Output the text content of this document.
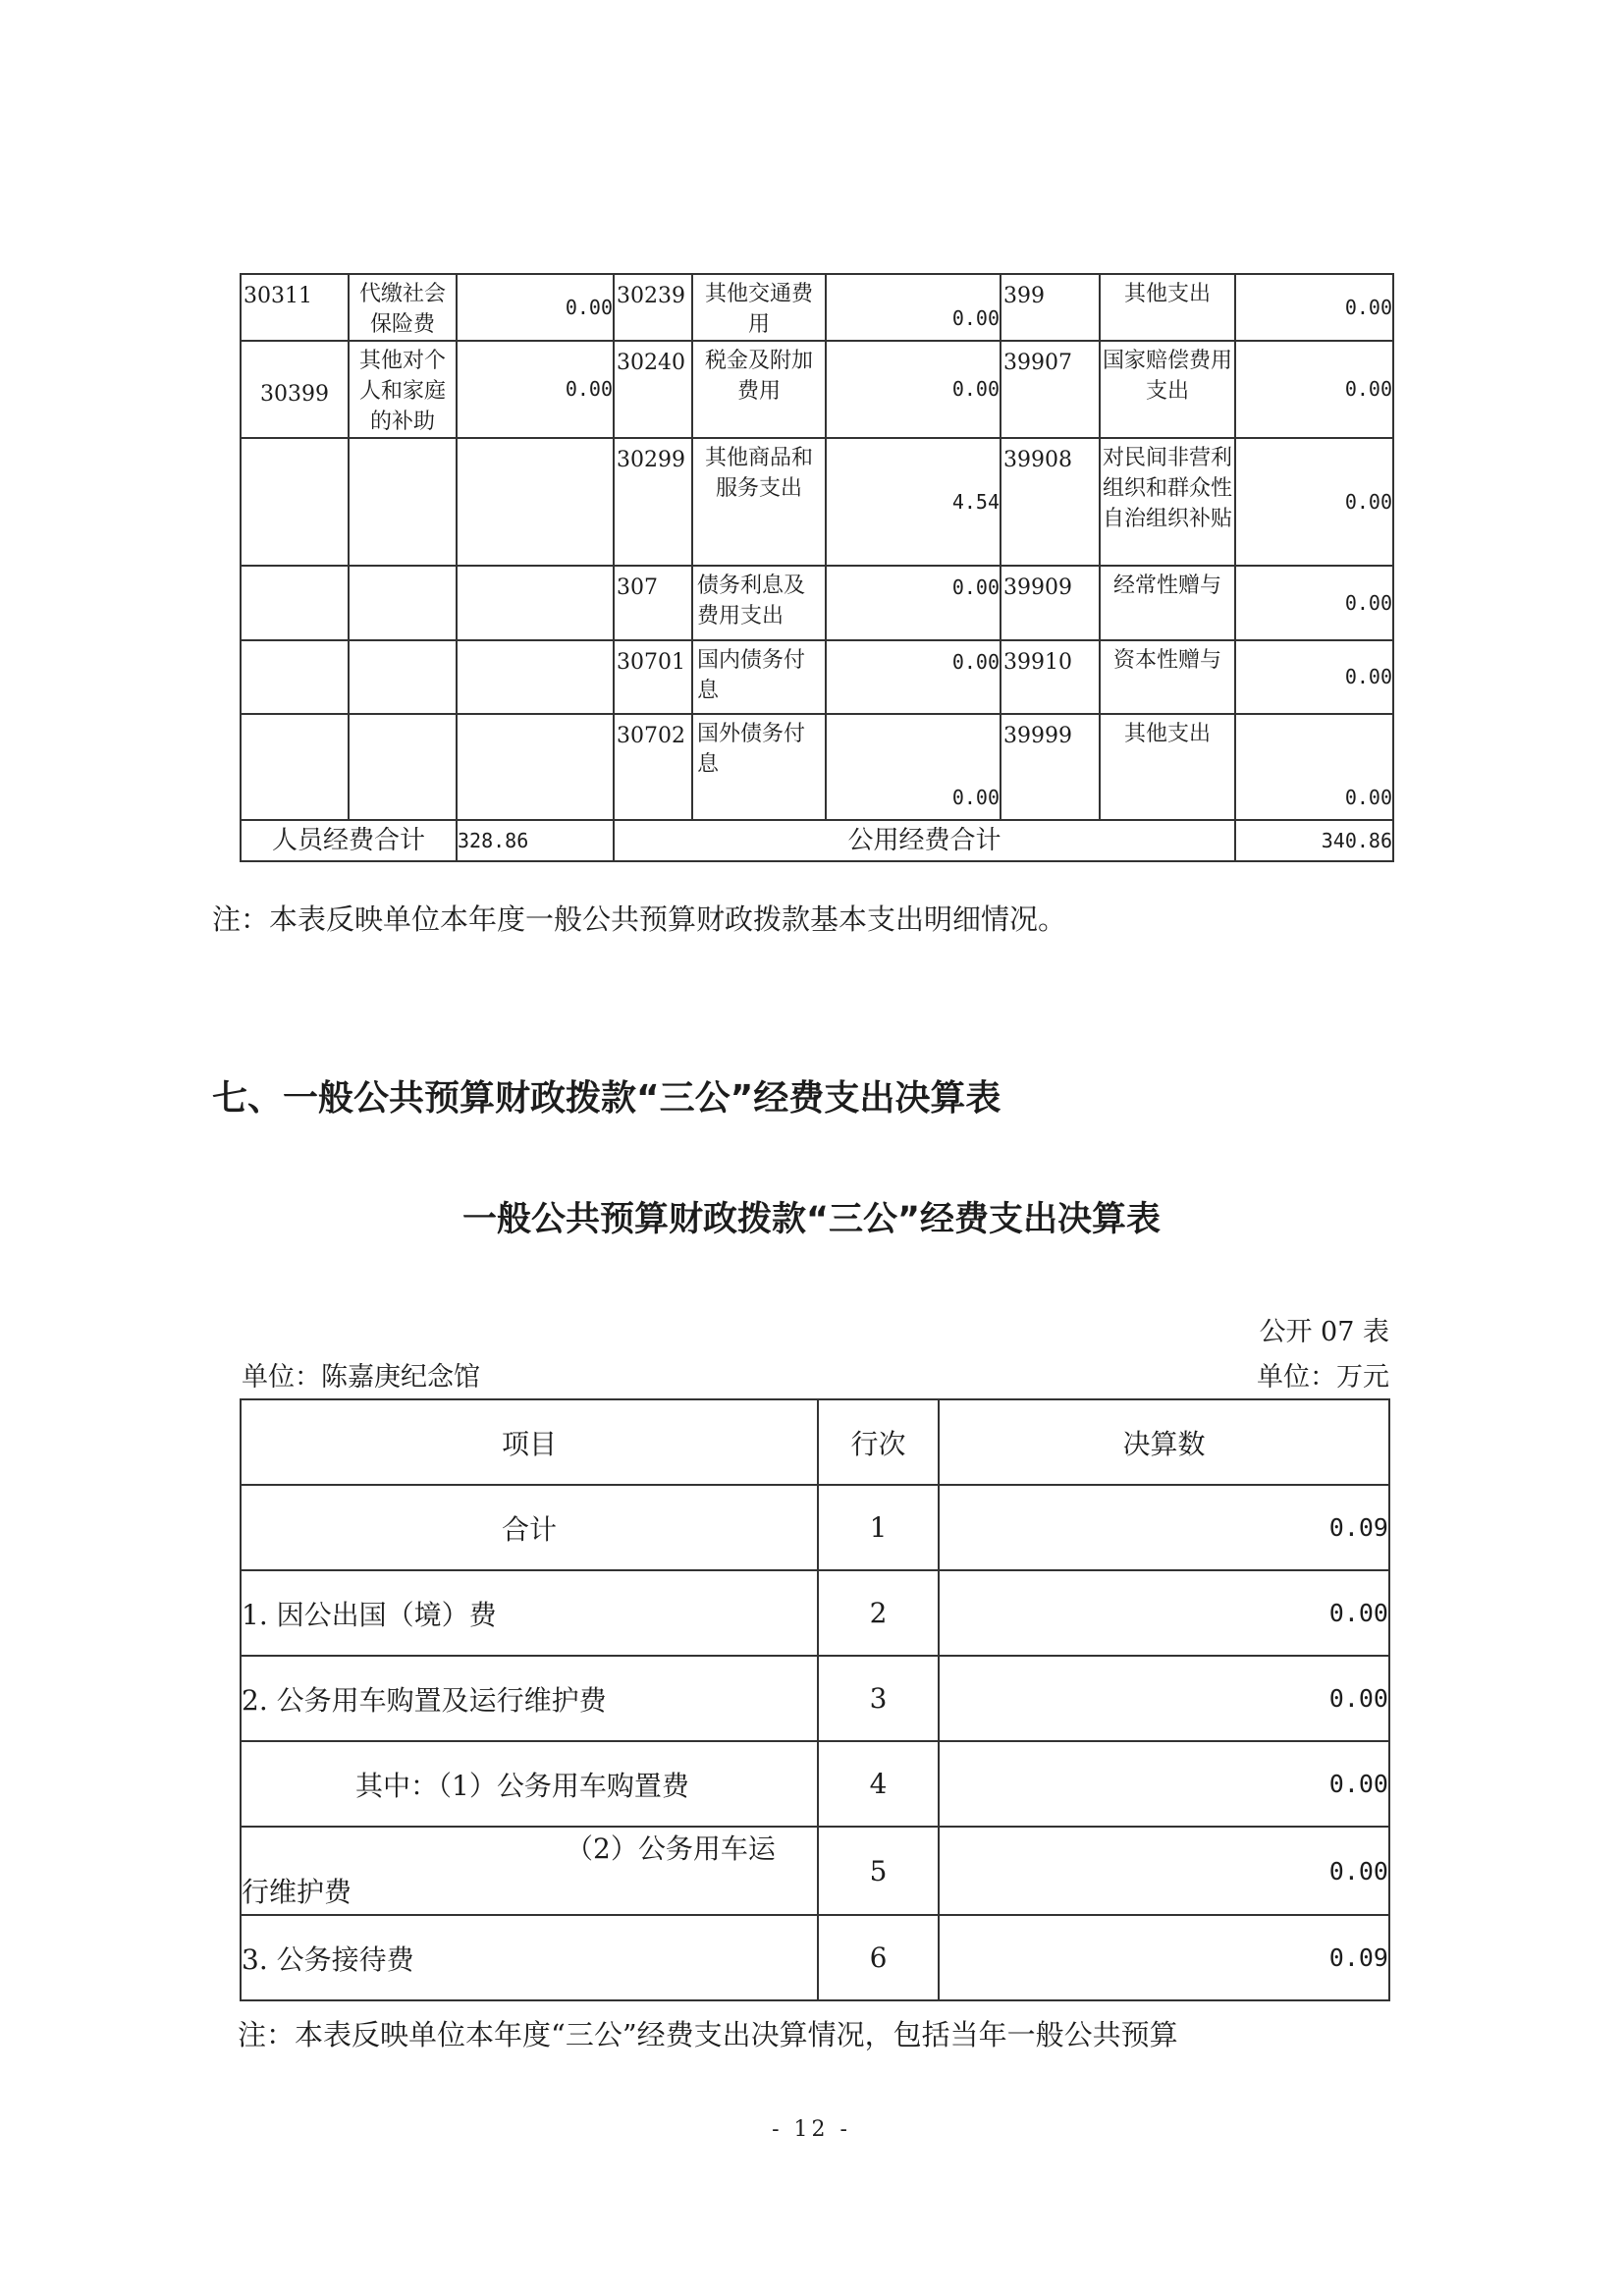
30311	代缴社会保险费	0.00	30239	其他交通费用	0.00	399	其他支出	0.00
30399	其他对个人和家庭的补助	0.00	30240	税金及附加费用	0.00	39907	国家赔偿费用支出	0.00
			30299	其他商品和服务支出	4.54	39908	对民间非营利组织和群众性自治组织补贴	0.00
			307	债务利息及费用支出	0.00	39909	经常性赠与	0.00
			30701	国内债务付息	0.00	39910	资本性赠与	0.00
			30702	国外债务付息	0.00	39999	其他支出	0.00
人员经费合计		328.86	公用经费合计					340.86
注：本表反映单位本年度一般公共预算财政拨款基本支出明细情况。
七、一般公共预算财政拨款“三公”经费支出决算表
一般公共预算财政拨款“三公”经费支出决算表
公开 07 表
单位：陈嘉庚纪念馆	单位：万元
项目	行次	决算数
合计	1	0.09
1. 因公出国（境）费	2	0.00
2. 公务用车购置及运行维护费	3	0.00
其中：（1）公务用车购置费	4	0.00

（2）公务用车运
行维护费	5	0.00
3. 公务接待费	6	0.09
注：本表反映单位本年度“三公”经费支出决算情况，包括当年一般公共预算
- 12 -
